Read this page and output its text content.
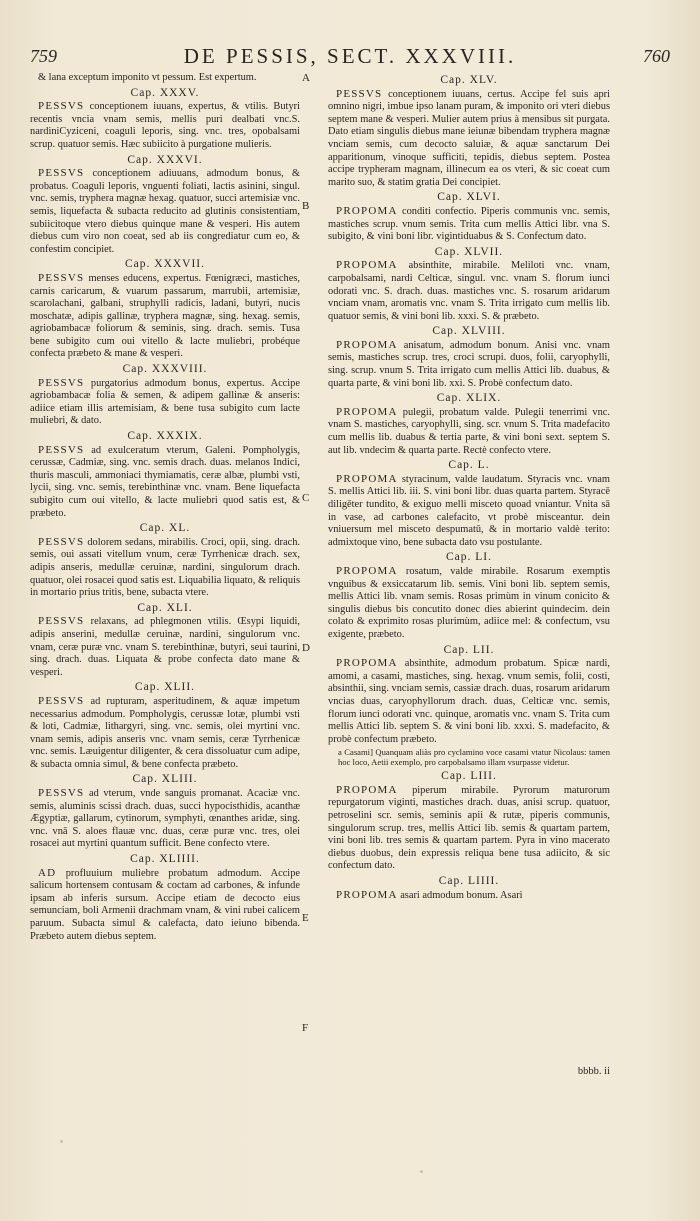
759	DE PESSIS, SECT. XXXVIII.	760
& lana exceptum imponito vt pessum. Est expertum.
Cap. XXXV.
PESSVS conceptionem iuuans, expertus, & vtilis. Butyri recentis vncia vnam semis, mellis puri dealbati vnc.S. nardiniCyziceni, coaguli leporis, sing. vnc. tres, opobalsami scrup. quatuor semis. Hæc subiicito à purgatione mulieris.
Cap. XXXVI.
PESSVS conceptionem adiuuans, admodum bonus, & probatus. Coaguli leporis, vnguenti foliati, lactis asinini, singul. vnc. semis, tryphera magnæ hexag. quatuor, succi artemisiæ vnc. semis, liquefacta & subacta reducito ad glutinis consistentiam, subiicitoque vtero diebus quinque mane & vesperi. His autem diebus cum viro non coeat, sed ab iis congrediatur cum eo, & confestim concipiet.
Cap. XXXVII.
PESSVS menses educens, expertus. Fœnigræci, mastiches, carnis caricarum, & vuarum passarum, marrubii, artemisiæ, scarolachani, galbani, struphylli radicis, ladani, butyri, nucis moschatæ, adipis gallinæ, tryphera magnæ, sing. hexag. semis, agriobambacæ foliorum & seminis, sing. drach. semis. Tusa bene subigito cum oui vitello & lacte muliebri, probéque confecta præbeto & mane & vesperi.
Cap. XXXVIII.
PESSVS purgatorius admodum bonus, expertus. Accipe agriobambacæ folia & semen, & adipem gallinæ & anseris: adiice etiam illis artemisiam, & bene tusa subigito cum lacte muliebri, & dato.
Cap. XXXIX.
PESSVS ad exulceratum vterum, Galeni. Pompholygis, cerussæ, Cadmiæ, sing. vnc. semis drach. duas. melanos Indici, thuris masculi, ammoniaci thymiamatis, ceræ albæ, plumbi vsti, lycii, sing. vnc. semis, terebinthinæ vnc. vnam. Bene liquefacta subigito cum oui vitello, & lacte muliebri quod satis est, & præbeto.
Cap. XL.
PESSVS dolorem sedans, mirabilis. Croci, opii, sing. drach. semis, oui assati vitellum vnum, ceræ Tyrrhenicæ drach. sex, adipis anseris, medullæ ceruinæ, nardini, singulorum drach. quatuor, olei rosacei quod satis est. Liquabilia liquato, & reliquis in mortario prius tritis, bene, subacta vtere.
Cap. XLI.
PESSVS relaxans, ad phlegmonen vtilis. Œsypi liquidi, adipis anserini, medullæ ceruinæ, nardini, singulorum vnc. vnam, ceræ puræ vnc. vnam S. terebinthinæ, butyri, seui taurini, sing. drach. duas. Liquata & probe confecta dato mane & vesperi.
Cap. XLII.
PESSVS ad rupturam, asperitudinem, & aquæ impetum necessarius admodum. Pompholygis, cerussæ lotæ, plumbi vsti & loti, Cadmiæ, lithargyri, sing. vnc. semis, olei myrtini vnc. vnam semis, adipis anseris vnc. vnam semis, ceræ Tyrrhenicæ vnc. semis. Læuigentur diligenter, & cera dissoluatur cum adipe, & subacta omnia simul, & bene confecta præbeto.
Cap. XLIII.
PESSVS ad vterum, vnde sanguis promanat. Acaciæ vnc. semis, aluminis scissi drach. duas, succi hypocisthidis, acanthæ Ægyptiæ, gallarum, cytinorum, symphyti, œnanthes aridæ, sing. vnc. vnā S. aloes flauæ vnc. duas, ceræ puræ vnc. tres, olei rosacei aut myrtini quantum sufficit. Bene confecto vtere.
Cap. XLIIII.
AD profluuium muliebre probatum admodum. Accipe salicum hortensem contusam & coctam ad carbones, & infunde ipsam ab inferis sursum. Accipe etiam de decocto eius semunciam, boli Armenii drachmam vnam, & vini rubei calicem paruum. Subacta simul & calefacta, dato ieiuno bibenda. Præbeto autem diebus septem.
A
B
C
D
E
F
Cap. XLV.
PESSVS conceptionem iuuans, certus. Accipe fel suis apri omnino nigri, imbue ipso lanam puram, & imponito ori vteri diebus septem mane & vesperi. Mulier autem prius à mensibus sit purgata. Dato etiam singulis diebus mane ieiunæ bibendam tryphera magnæ vnciam semis, cum decocto saluiæ, & aquæ sanctarum Dei apparitionum, vinoque sufficiti, tepidis, diebus septem. Postea accipe trypheram magnam, illinecum ea os vteri, & sic coeat cum marito suo, & statim gratia Dei concipiet.
Cap. XLVI.
PROPOMA conditi confectio. Piperis communis vnc. semis, mastiches scrup. vnum semis. Trita cum mellis Attici libr. vna S. subigito, & vini boni libr. vigintiduabus & S. Confectum dato.
Cap. XLVII.
PROPOMA absinthite, mirabile. Meliloti vnc. vnam, carpobalsami, nardi Celticæ, singul. vnc. vnam S. florum iunci odorati vnc. S. drach. duas. mastiches vnc. S. rosarum aridarum vnciam vnam, aromatis vnc. vnam S. Trita irrigato cum mellis lib. quatuor semis, & vini boni lib. xxxi. S. & præbeto.
Cap. XLVIII.
PROPOMA anisatum, admodum bonum. Anisi vnc. vnam semis, mastiches scrup. tres, croci scrupi. duos, folii, caryophylli, sing. scrup. vnum S. Trita irrigato cum mellis Attici lib. duabus, & quarta parte, & vini boni lib. xxi. S. Probè confectum dato.
Cap. XLIX.
PROPOMA pulegii, probatum valde. Pulegii tenerrimi vnc. vnam S. mastiches, caryophylli, sing. scr. vnum S. Trita madefacito cum mellis lib. duabus & tertia parte, & vini boni sext. septem S. aut lib. vndecim & quarta parte. Rectè confecto vtere.
Cap. L.
PROPOMA styracinum, valde laudatum. Styracis vnc. vnam S. mellis Attici lib. iii. S. vini boni libr. duas quarta partem. Styracē diligēter tundito, & exiguo melli misceto quoad vniantur. Vnita sā in vase, ad carbones calefacito, vt probè misceantur. dein vniuersum mel misceto despumatū, & in mortario valdè terito: admixtoque vino, bene subacta dato vsu postulante.
Cap. LI.
PROPOMA rosatum, valde mirabile. Rosarum exemptis vnguibus & exsiccatarum lib. semis. Vini boni lib. septem semis, mellis Attici lib. vnam semis. Rosas primùm in vinum conicito & singulis diebus bis concutito donec dies abierint quindecim. dein colato & exprimito rosas plurimùm, adiice mel: & confectum, vsu exigente, præbeto.
Cap. LII.
PROPOMA absinthite, admodum probatum. Spicæ nardi, amomi, a casami, mastiches, sing. hexag. vnum semis, folii, costi, absinthii, sing. vnciam semis, cassiæ drach. duas, rosarum aridarum vncias duas, caryophyllorum drach. duas, Celticæ vnc. semis, florum iunci odorati vnc. quinque, aromatis vnc. vnam S. Trita cum mellis Attici lib. septem S. & vini boni lib. xxxi. S. madefacito, & probè confectum præbeto.
a Casami] Quanquam aliàs pro cyclamino voce casami vtatur Nicolaus: tamen hoc loco, Aetii exemplo, pro carpobalsamo illam vsurpasse videtur.
Cap. LIII.
PROPOMA piperum mirabile. Pyrorum maturorum repurgatorum viginti, mastiches drach. duas, anisi scrup. quatuor, petroselini scr. semis, seminis apii & rutæ, piperis communis, singulorum scrup. tres, mellis Attici lib. semis & quartam partem, vini boni lib. tres semis & quartam partem. Pyra in vino macerato diebus duobus, dein expressis reliqua bene tusa adiicito, & sic confectum dato.
Cap. LIIII.
PROPOMA asari admodum bonum. Asari
bbbb. ii
